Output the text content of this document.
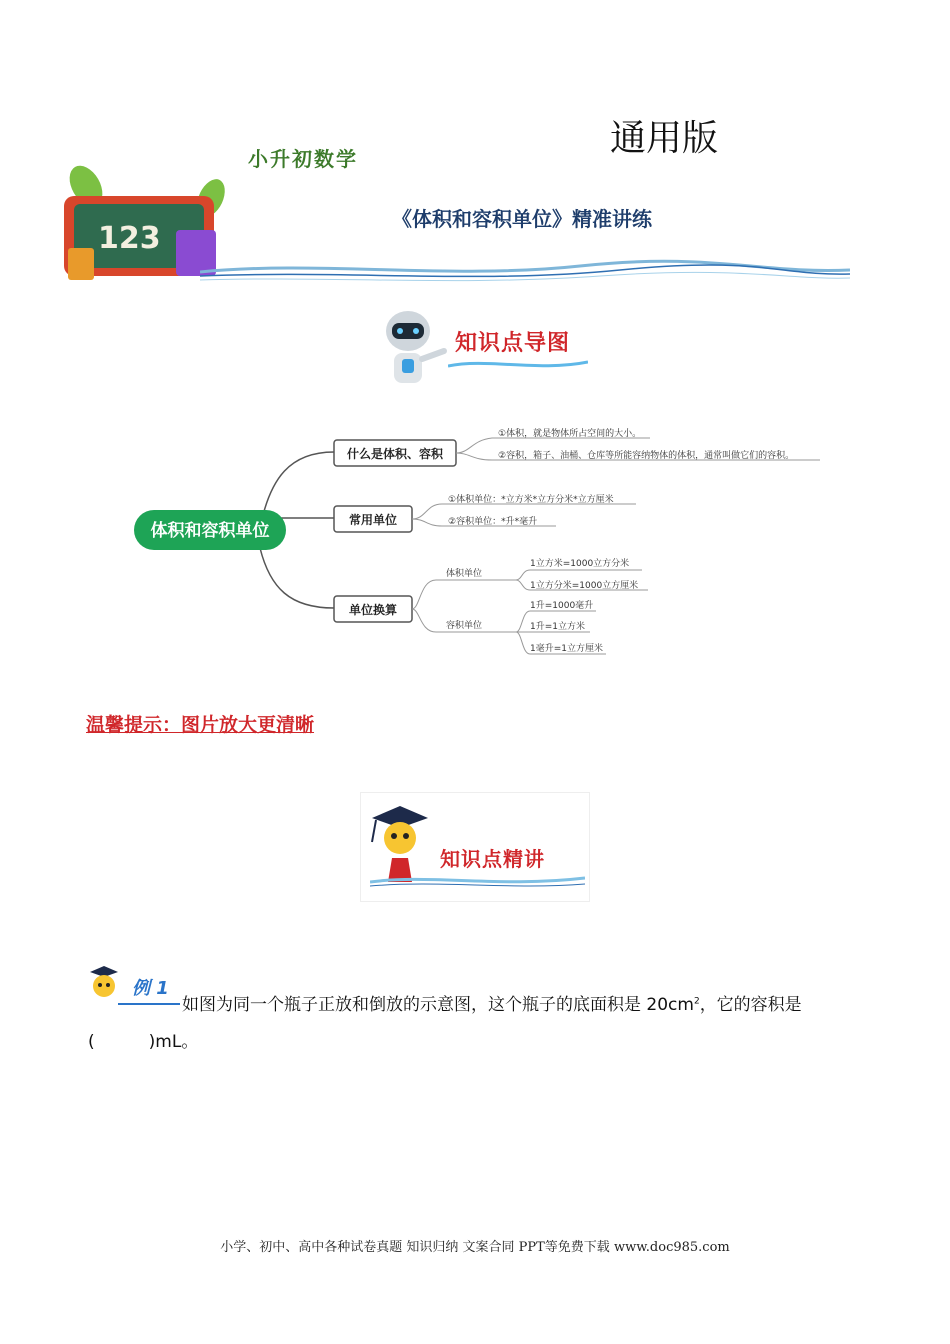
通用版
小升初数学
《体积和容积单位》精准讲练
123
知识点导图
体积和容积单位
什么是体积、容积
①体积，就是物体所占空间的大小。
②容积，箱子、油桶、仓库等所能容纳物体的体积，通常叫做它们的容积。
常用单位
①体积单位：*立方米*立方分米*立方厘米
②容积单位：*升*毫升
单位换算
体积单位
容积单位
1立方米=1000立方分米
1立方分米=1000立方厘米
1升=1000毫升
1升=1立方米
1毫升=1立方厘米
温馨提示：图片放大更清晰
知识点精讲
例 1
如图为同一个瓶子正放和倒放的示意图，这个瓶子的底面积是 $20cm^2$，它的容积是
(          )mL。
小学、初中、高中各种试卷真题 知识归纳 文案合同 PPT等免费下载 www.doc985.com
